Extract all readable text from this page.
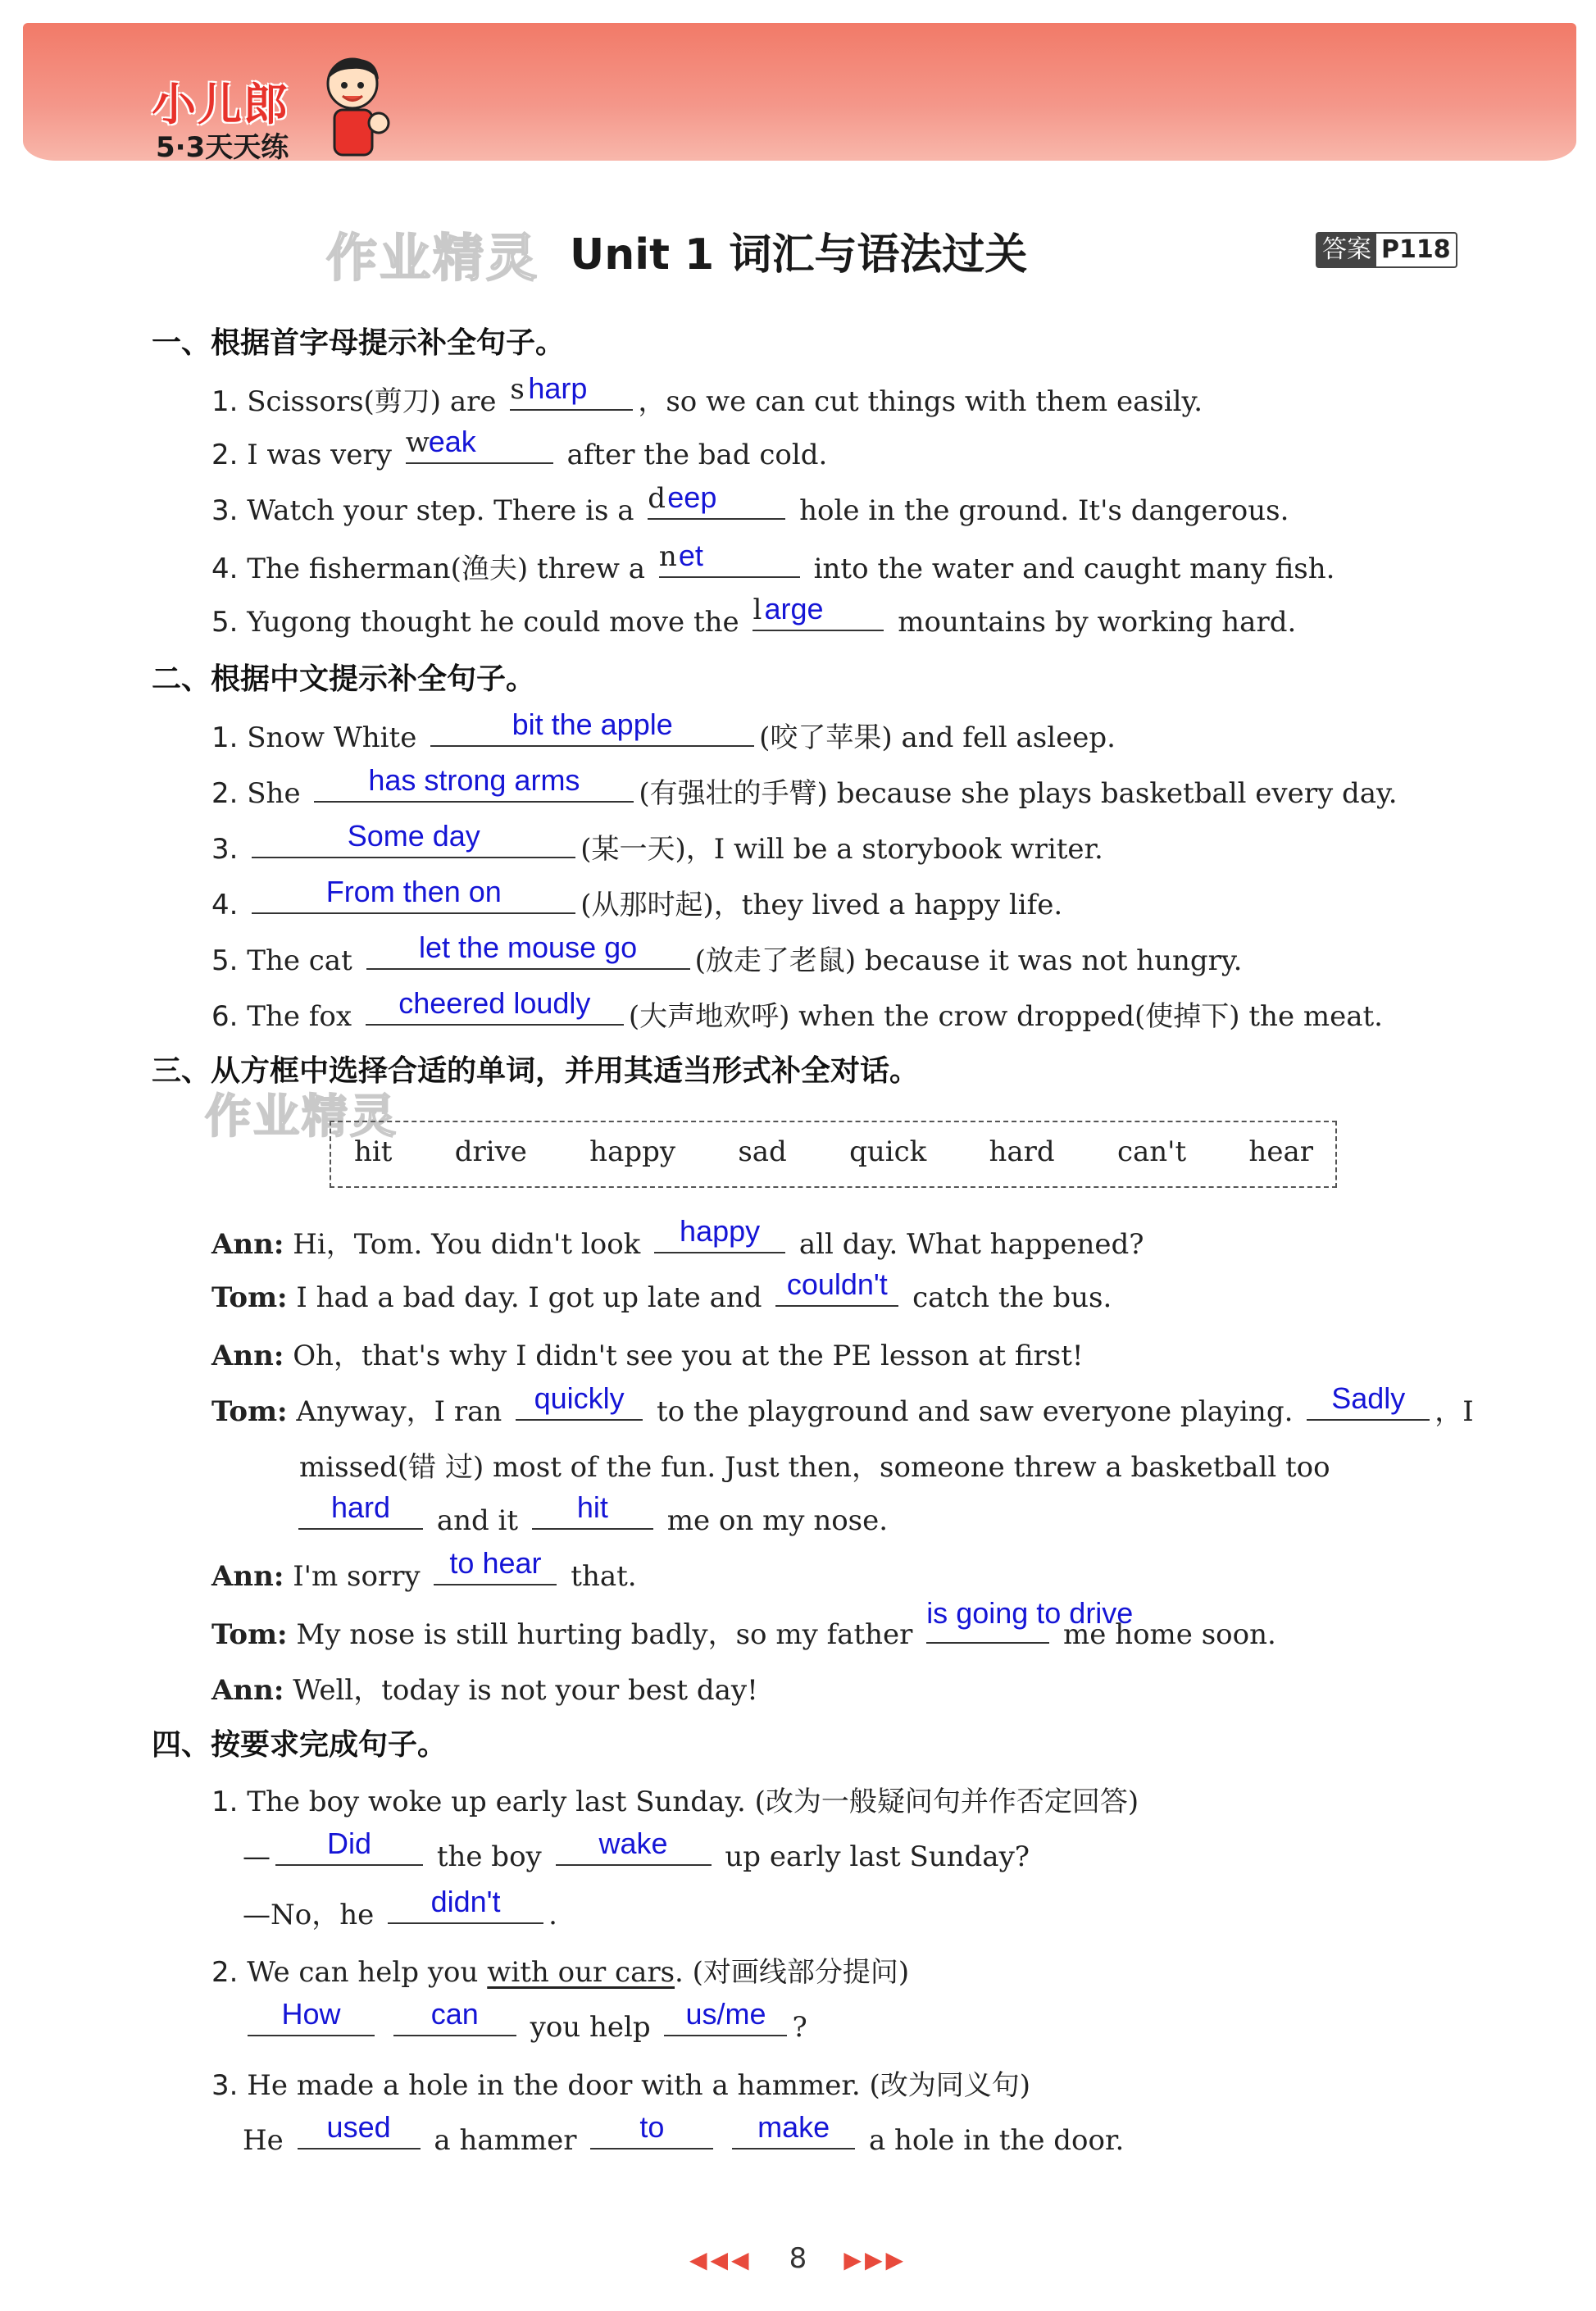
小儿郎
5·3天天练
作业精灵 Unit 1 词汇与语法过关	答案 P118
一、根据首字母提示补全句子。
1. Scissors(剪刀) are s harp	，so we can cut things with them easily.
2. I was very w
eak	after the bad cold.
3. Watch your step. There is a d eep	hole in the ground. It's dangerous.
4. The fisherman(渔夫) threw a n et	into the water and caught many fish.
5. Yugong thought he could move the l arge	mountains by working hard.
二、根据中文提示补全句子。
1. Snow White	bit the apple	(咬了苹果) and fell asleep.
2. She	has strong arms	(有强壮的手臂) because she plays basketball every day.
3.	Some day	(某一天)，I will be a storybook writer.
4.	From then on	(从那时起)，they lived a happy life.
5. The cat	let the mouse go	(放走了老鼠) because it was not hungry.
6. The fox	cheered loudly	(大声地欢呼) when the crow dropped(使掉下) the meat.
三、从方框中选择合适的单词，并用其适当形式补全对话。
作业精灵
hit drive happy sad quick hard can't hear
Ann: Hi，Tom. You didn't look	happy	all day. What happened?
Tom: I had a bad day. I got up late and couldn't catch the bus.
Ann: Oh，that's why I didn't see you at the PE lesson at first!
Tom: Anyway，I ran	quickly	to the playground and saw everyone playing.	Sadly	，I
missed(错 过) most of the fun. Just then，someone threw a basketball too
hard	and it	hit	me on my nose.
Ann: I'm sorry to hear	that.
Tom: My nose is still hurting badly，so my father
is going to drive
me home soon.
Ann: Well，today is not your best day!
四、按要求完成句子。
1. The boy woke up early last Sunday. (改为一般疑问句并作否定回答)
—	Did	the boy	wake	up early last Sunday?
—No，he	didn't	.
2. We can help you with our cars. (对画线部分提问)
How
	can	you help	us/me ?
3. He made a hole in the door with a hammer. (改为同义句)
He	used	a hammer	to
	make	a hole in the door.
◀◀◀ 8 ▶▶▶
